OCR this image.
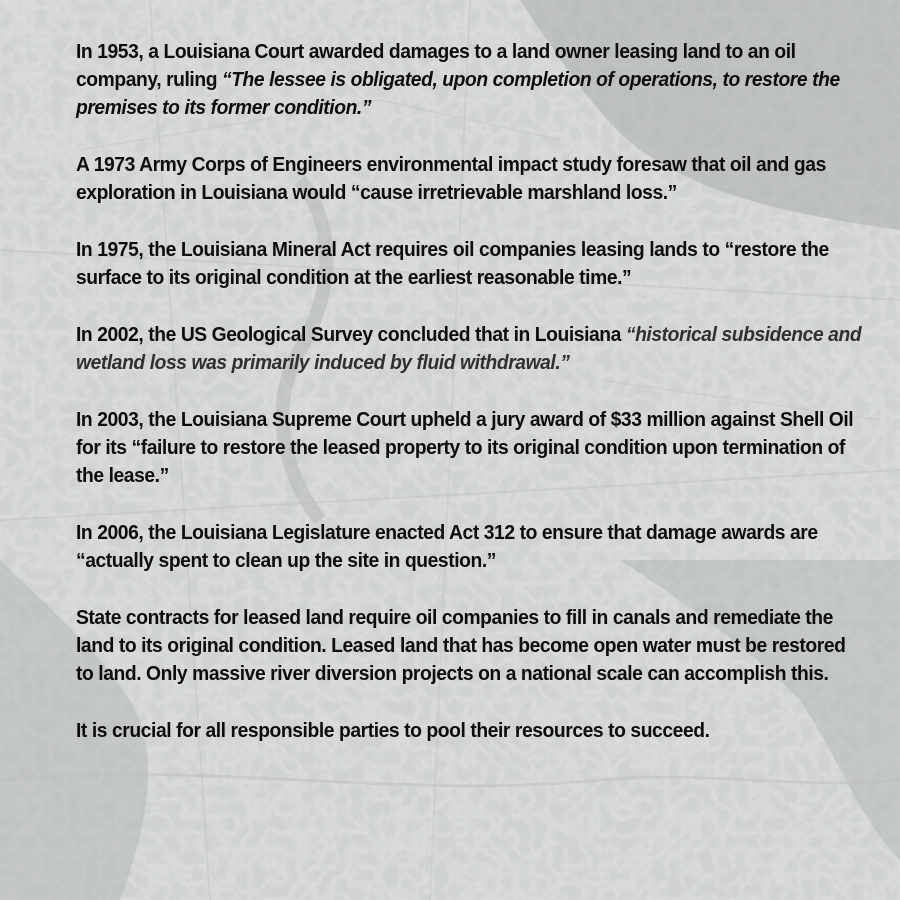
In 1953, a Louisiana Court awarded damages to a land owner leasing land to an oil company, ruling “The lessee is obligated, upon completion of operations, to restore the premises to its former condition.”

A 1973 Army Corps of Engineers environmental impact study foresaw that oil and gas exploration in Louisiana would “cause irretrievable marshland loss.”

In 1975, the Louisiana Mineral Act requires oil companies leasing lands to “restore the surface to its original condition at the earliest reasonable time.”

In 2002, the US Geological Survey concluded that in Louisiana “historical subsidence and wetland loss was primarily induced by fluid withdrawal.”

In 2003, the Louisiana Supreme Court upheld a jury award of $33 million against Shell Oil for its “failure to restore the leased property to its original condition upon termination of the lease.”

In 2006, the Louisiana Legislature enacted Act 312 to ensure that damage awards are “actually spent to clean up the site in question.”

State contracts for leased land require oil companies to fill in canals and remediate the land to its original condition. Leased land that has become open water must be restored to land. Only massive river diversion projects on a national scale can accomplish this.

It is crucial for all responsible parties to pool their resources to succeed.
